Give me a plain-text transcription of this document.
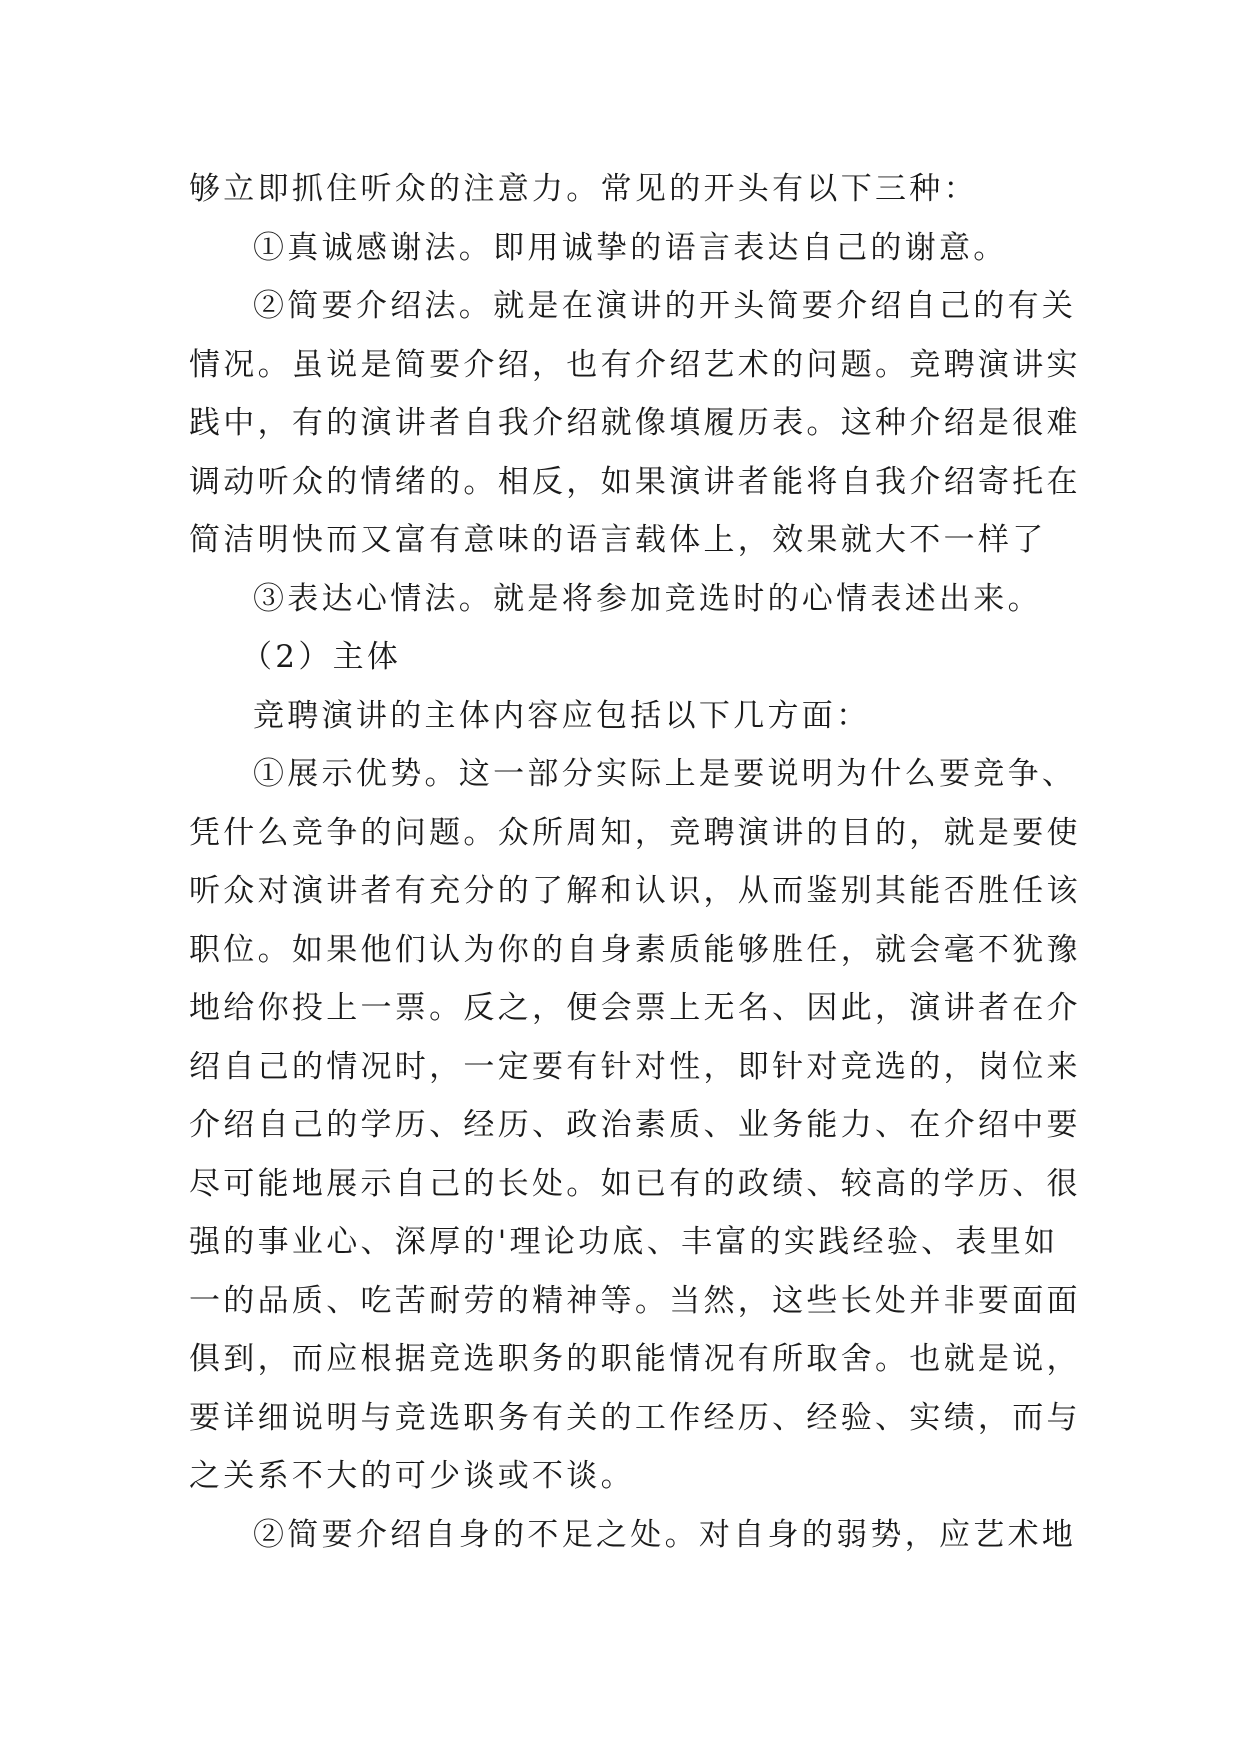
够立即抓住听众的注意力。常见的开头有以下三种：
①真诚感谢法。即用诚挚的语言表达自己的谢意。
②简要介绍法。就是在演讲的开头简要介绍自己的有关
情况。虽说是简要介绍，也有介绍艺术的问题。竞聘演讲实
践中，有的演讲者自我介绍就像填履历表。这种介绍是很难
调动听众的情绪的。相反，如果演讲者能将自我介绍寄托在
简洁明快而又富有意味的语言载体上，效果就大不一样了
③表达心情法。就是将参加竞选时的心情表述出来。
（2）主体
竞聘演讲的主体内容应包括以下几方面：
①展示优势。这一部分实际上是要说明为什么要竞争、
凭什么竞争的问题。众所周知，竞聘演讲的目的，就是要使
听众对演讲者有充分的了解和认识，从而鉴别其能否胜任该
职位。如果他们认为你的自身素质能够胜任，就会毫不犹豫
地给你投上一票。反之，便会票上无名、因此，演讲者在介
绍自己的情况时，一定要有针对性，即针对竞选的，岗位来
介绍自己的学历、经历、政治素质、业务能力、在介绍中要
尽可能地展示自己的长处。如已有的政绩、较高的学历、很
强的事业心、深厚的'理论功底、丰富的实践经验、表里如
一的品质、吃苦耐劳的精神等。当然，这些长处并非要面面
俱到，而应根据竞选职务的职能情况有所取舍。也就是说，
要详细说明与竞选职务有关的工作经历、经验、实绩，而与
之关系不大的可少谈或不谈。
②简要介绍自身的不足之处。对自身的弱势，应艺术地
